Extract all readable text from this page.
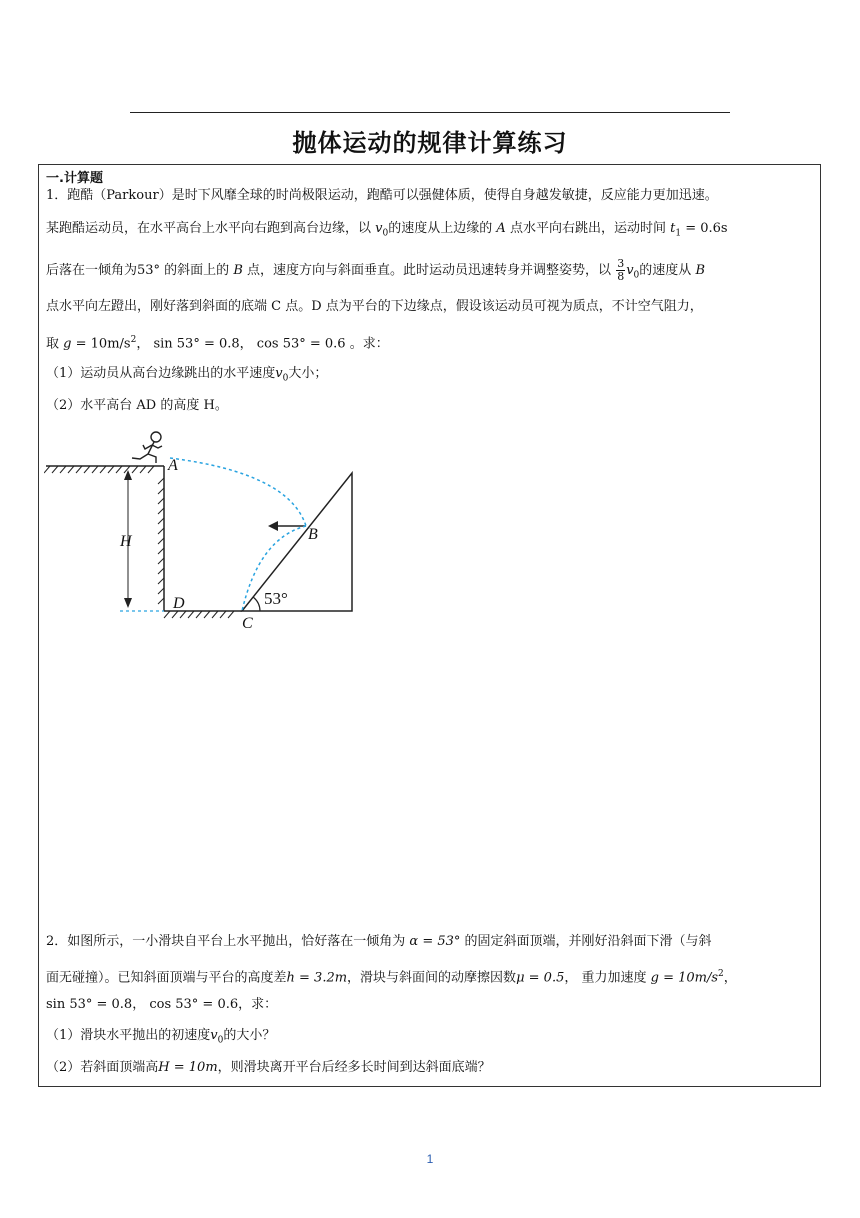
抛体运动的规律计算练习
一.计算题
1．跑酷（Parkour）是时下风靡全球的时尚极限运动，跑酷可以强健体质，使得自身越发敏捷，反应能力更加迅速。
某跑酷运动员，在水平高台上水平向右跑到高台边缘，以 $v_0$的速度从上边缘的 A 点水平向右跳出，运动时间 $t_1 = 0.6s$
后落在一倾角为53° 的斜面上的 B 点，速度方向与斜面垂直。此时运动员迅速转身并调整姿势，以 $\frac{3}{8} v_0$的速度从 B
点水平向左蹬出，刚好落到斜面的底端 C 点。D 点为平台的下边缘点，假设该运动员可视为质点，不计空气阻力，
取 $g = 10m/s^2$， sin 53° = 0.8， cos 53° = 0.6 。求：
（1）运动员从高台边缘跳出的水平速度$v_0$大小；
（2）水平高台 AD 的高度 H。
A
B
C
D
H
53°
2．如图所示，一小滑块自平台上水平抛出，恰好落在一倾角为 α = 53° 的固定斜面顶端，并刚好沿斜面下滑（与斜
面无碰撞）。已知斜面顶端与平台的高度差h = 3.2m，滑块与斜面间的动摩擦因数μ = 0.5， 重力加速度 $g = 10m/s^2$，
sin 53° = 0.8， cos 53° = 0.6，求：
（1）滑块水平抛出的初速度$v_0$的大小？
（2）若斜面顶端高H = 10m，则滑块离开平台后经多长时间到达斜面底端？
1
